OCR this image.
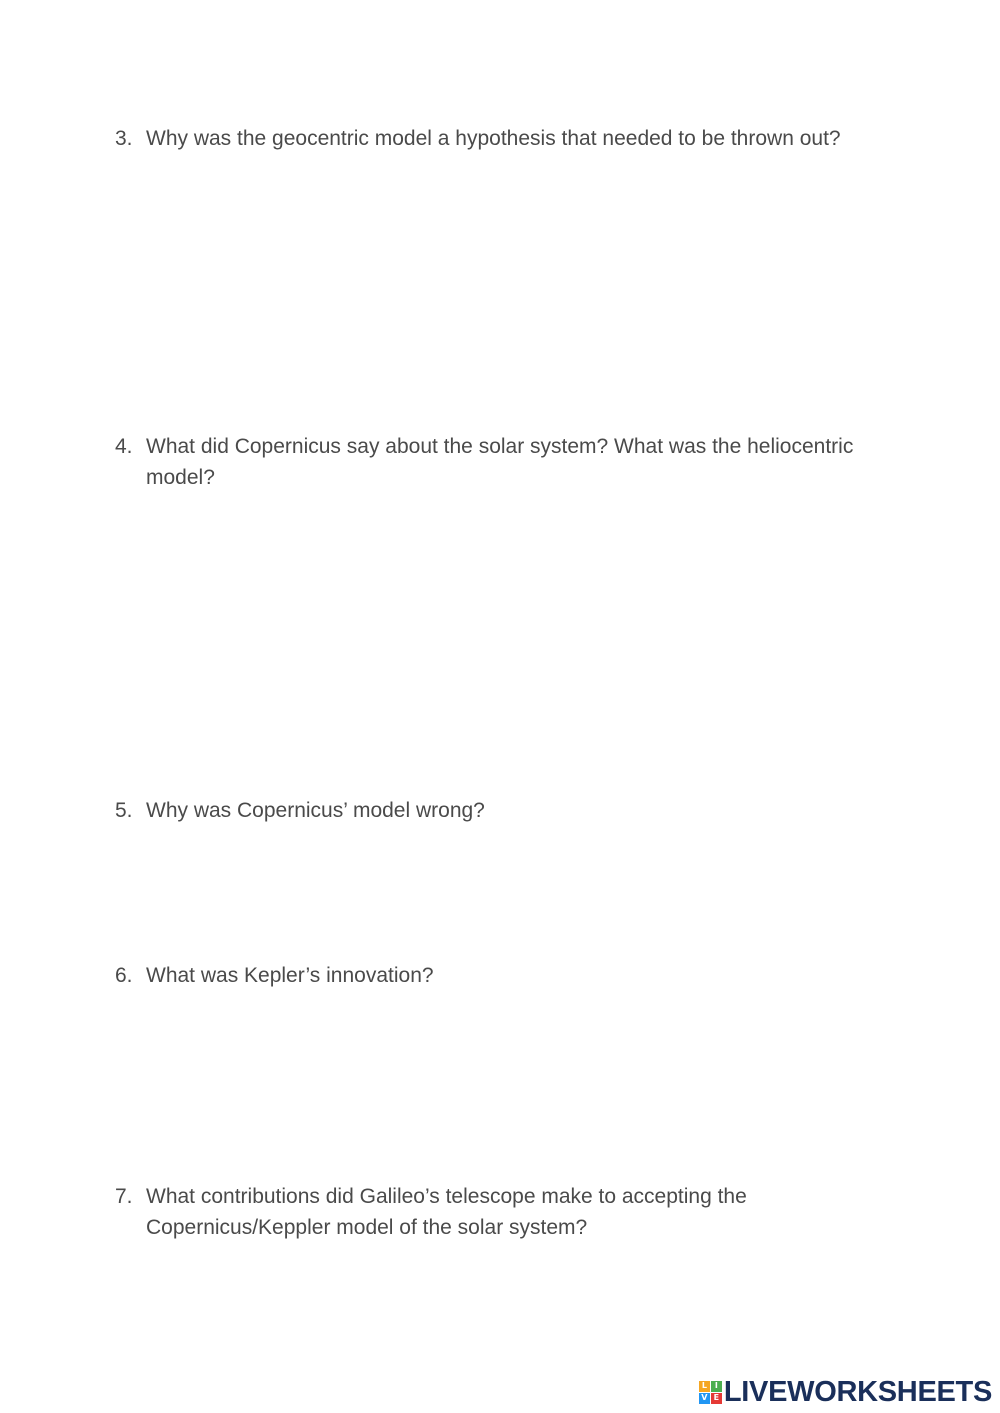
3. Why was the geocentric model a hypothesis that needed to be thrown out?
4. What did Copernicus say about the solar system? What was the heliocentric model?
5. Why was Copernicus’ model wrong?
6. What was Kepler’s innovation?
7. What contributions did Galileo’s telescope make to accepting the Copernicus/Keppler model of the solar system?
L I
V E LIVEWORKSHEETS
